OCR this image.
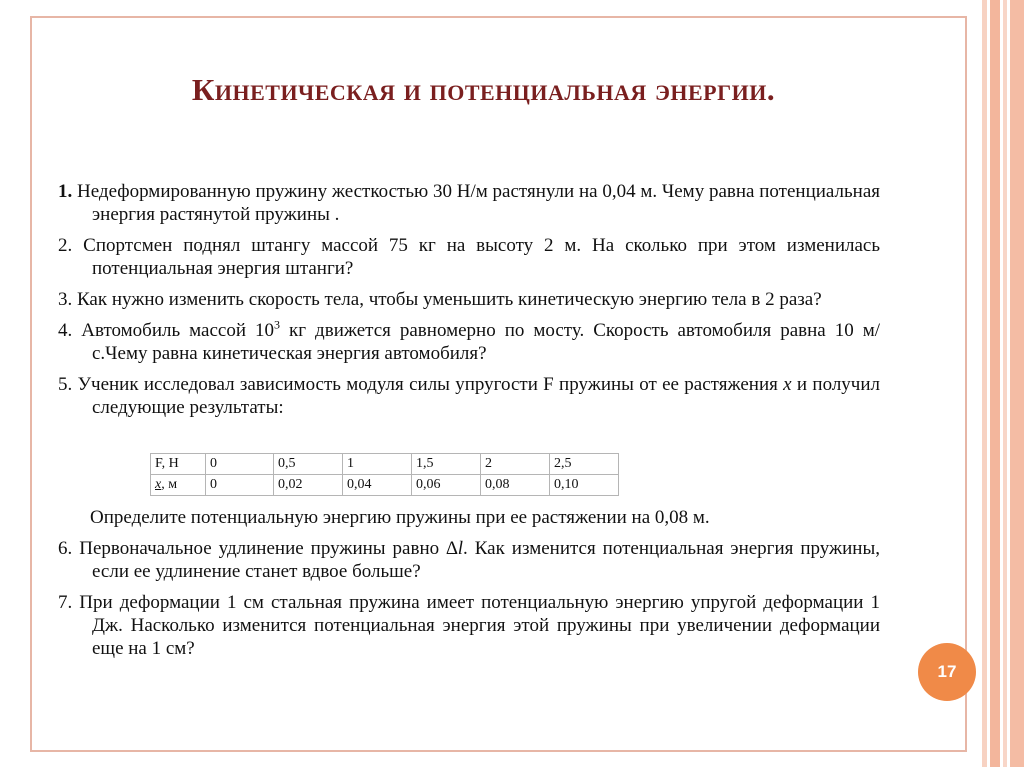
Кинетическая и потенциальная энергии.

1. Недеформированную пружину жесткостью 30 Н/м растянули на 0,04 м. Чему равна потенциальная энергия растянутой пружины .

2. Спортсмен поднял штангу массой 75 кг на высоту 2 м. На сколько при этом изменилась потенциальная энергия штанги?

3. Как нужно изменить скорость тела, чтобы уменьшить кинетическую энергию тела в 2 раза?

4. Автомобиль массой $10^3$ кг движется равномерно по мосту. Скорость автомобиля равна 10 м/с.Чему равна кинетическая энергия автомобиля?

5. Ученик исследовал зависимость модуля силы упругости F пружины от ее растяжения x и получил следующие результаты:

F, Н	0	0,5	1	1,5	2	2,5
x, м	0	0,02	0,04	0,06	0,08	0,10
Определите потенциальную энергию пружины при ее растяжении на 0,08 м.

6. Первоначальное удлинение пружины равно ∆l. Как изменится потенциальная энергия пружины, если ее удлинение станет вдвое больше?

7. При деформации 1 см стальная пружина имеет потенциальную энергию упругой деформации 1 Дж. Насколько изменится потенциальная энергия этой пружины при увеличении деформации еще на 1 см?

17
